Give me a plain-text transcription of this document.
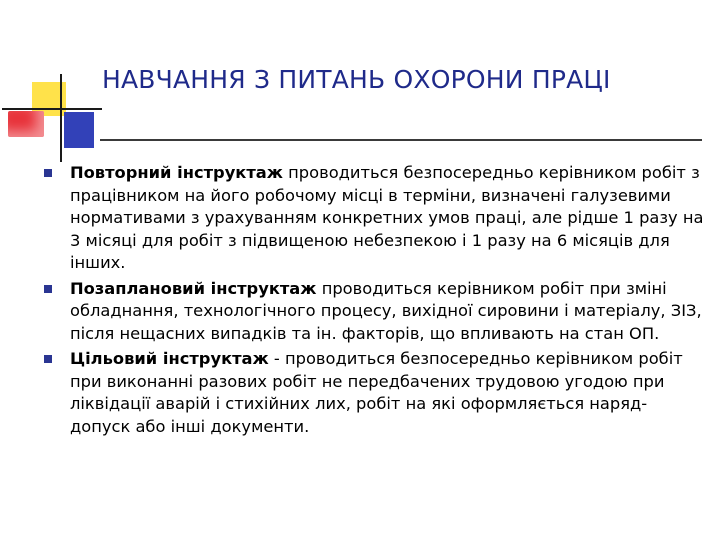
НАВЧАННЯ З ПИТАНЬ ОХОРОНИ ПРАЦІ
Повторний інструктаж проводиться безпосередньо керівником робіт з працівником на його робочому місці в терміни, визначені галузевими нормативами з урахуванням конкретних умов праці, але рідше 1 разу на 3 місяці для робіт з підвищеною небезпекою і 1 разу на 6 місяців для інших.
Позаплановий інструктаж проводиться керівником робіт при зміні обладнання, технологічного процесу, вихідної сировини і матеріалу, ЗІЗ, після нещасних випадків та ін. факторів, що впливають на стан ОП.
Цільовий інструктаж - проводиться безпосередньо керівником робіт при виконанні разових робіт не передбачених трудовою угодою при ліквідації аварій і стихійних лих, робіт на які оформляється наряд-допуск або інші документи.
